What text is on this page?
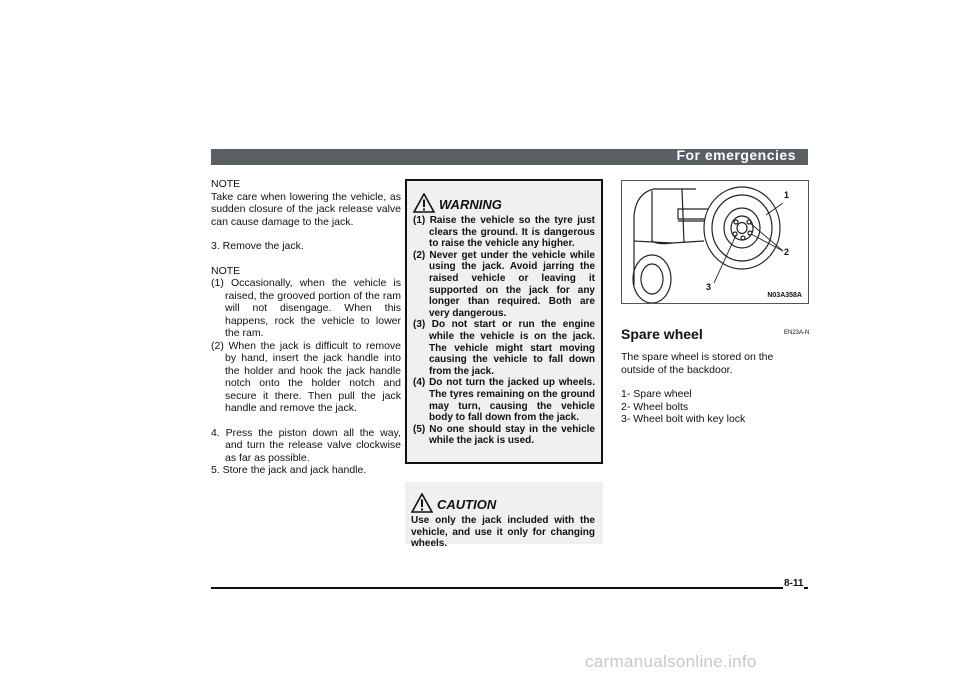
For emergencies

NOTE

Take care when lowering the vehicle, as sudden closure of the jack release valve can cause damage to the jack.

3. Remove the jack.

NOTE

(1) Occasionally, when the vehicle is raised, the grooved portion of the ram will not disengage. When this happens, rock the vehicle to lower the ram.

(2) When the jack is difficult to remove by hand, insert the jack handle into the holder and hook the jack handle notch onto the holder notch and secure it there. Then pull the jack handle and remove the jack.

4. Press the piston down all the way, and turn the release valve clockwise as far as possible.

5. Store the jack and jack handle.

WARNING
(1) Raise the vehicle so the tyre just clears the ground. It is dangerous to raise the vehicle any higher.
(2) Never get under the vehicle while using the jack. Avoid jarring the raised vehicle or leaving it supported on the jack for any longer than required. Both are very dangerous.
(3) Do not start or run the engine while the vehicle is on the jack. The vehicle might start moving causing the vehicle to fall down from the jack.
(4) Do not turn the jacked up wheels. The tyres remaining on the ground may turn, causing the vehicle body to fall down from the jack.
(5) No one should stay in the vehicle while the jack is used.
CAUTION
Use only the jack included with the vehicle, and use it only for changing wheels.
1
2
3
N03A358A
Spare wheel	EN23A-N

The spare wheel is stored on the outside of the backdoor.

1- Spare wheel

2- Wheel bolts

3- Wheel bolt with key lock

8-11
carmanualsonline.info
